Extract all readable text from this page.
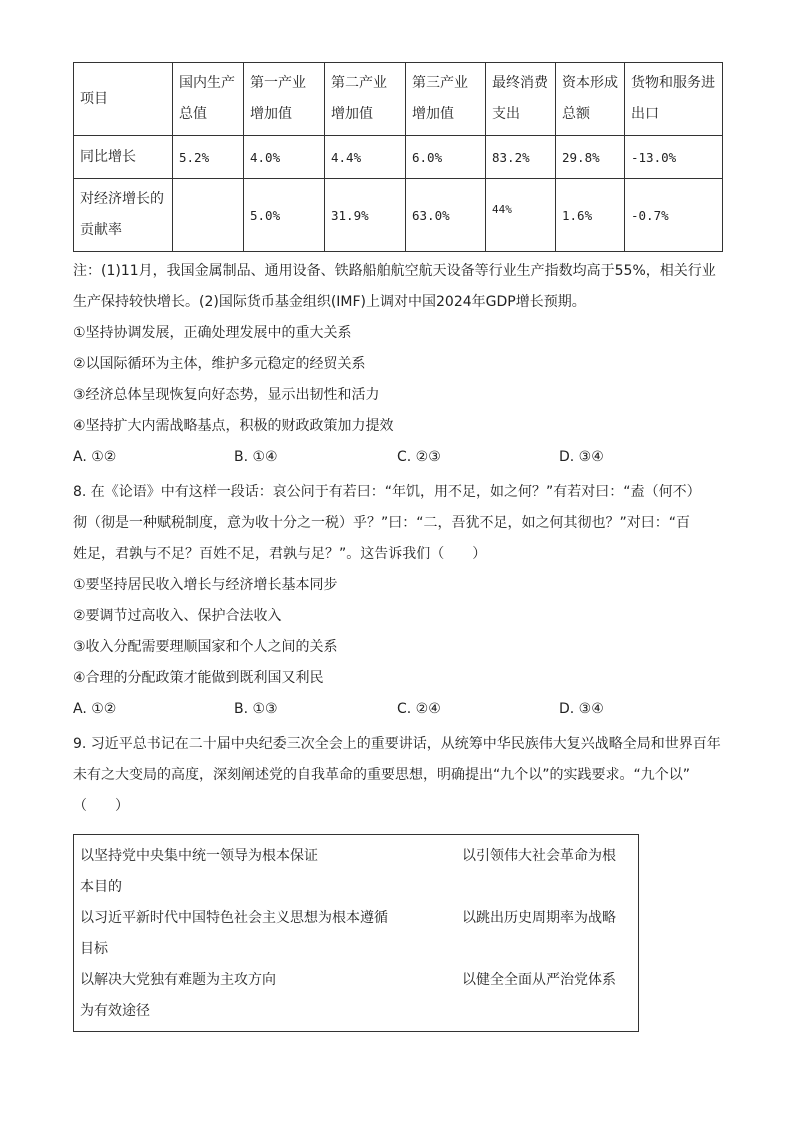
项目	国内生产总值	第一产业增加值	第二产业增加值	第三产业增加值	最终消费支出	资本形成总额	货物和服务进出口
同比增长	5.2%	4.0%	4.4%	6.0%	83.2%	29.8%	-13.0%
对经济增长的贡献率		5.0%	31.9%	63.0%	$^{44\%}$	1.6%	-0.7%
注：(1)11月，我国金属制品、通用设备、铁路船舶航空航天设备等行业生产指数均高于55%，相关行业
生产保持较快增长。(2)国际货币基金组织(IMF)上调对中国2024年GDP增长预期。
①坚持协调发展，正确处理发展中的重大关系
②以国际循环为主体，维护多元稳定的经贸关系
③经济总体呈现恢复向好态势，显示出韧性和活力
④坚持扩大内需战略基点，积极的财政政策加力提效
A. ①②	B. ①④	C. ②③	D. ③④
8. 在《论语》中有这样一段话：哀公问于有若曰：“年饥，用不足，如之何？”有若对曰：“盍（何不）
彻（彻是一种赋税制度，意为收十分之一税）乎？”曰：“二，吾犹不足，如之何其彻也？”对曰：“百
姓足，君孰与不足？百姓不足，君孰与足？”。这告诉我们（　　）
①要坚持居民收入增长与经济增长基本同步
②要调节过高收入、保护合法收入
③收入分配需要理顺国家和个人之间的关系
④合理的分配政策才能做到既利国又利民
A. ①②	B. ①③	C. ②④	D. ③④
9. 习近平总书记在二十届中央纪委三次全会上的重要讲话，从统筹中华民族伟大复兴战略全局和世界百年
未有之大变局的高度，深刻阐述党的自我革命的重要思想，明确提出“九个以”的实践要求。“九个以”
（　　）
以坚持党中央集中统一领导为根本保证	以引领伟大社会革命为根
本目的
以习近平新时代中国特色社会主义思想为根本遵循	以跳出历史周期率为战略
目标
以解决大党独有难题为主攻方向	以健全全面从严治党体系
为有效途径
